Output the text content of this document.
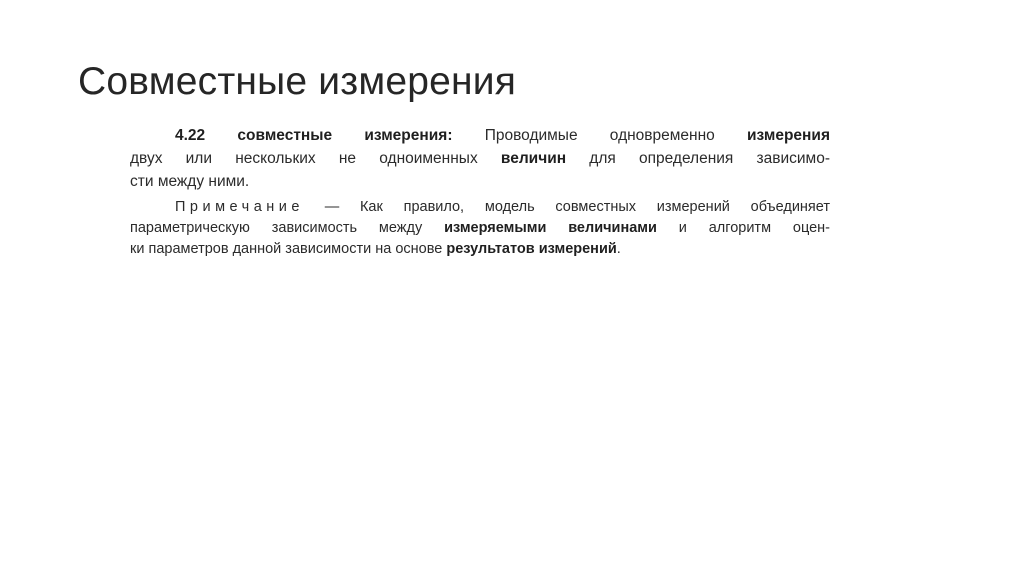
Совместные измерения

4.22 совместные измерения: Проводимые одновременно измерения
двух или нескольких не одноименных величин для определения зависимо-
сти между ними.

Примечание — Как правило, модель совместных измерений объединяет
параметрическую зависимость между измеряемыми величинами и алгоритм оцен-
ки параметров данной зависимости на основе результатов измерений.
